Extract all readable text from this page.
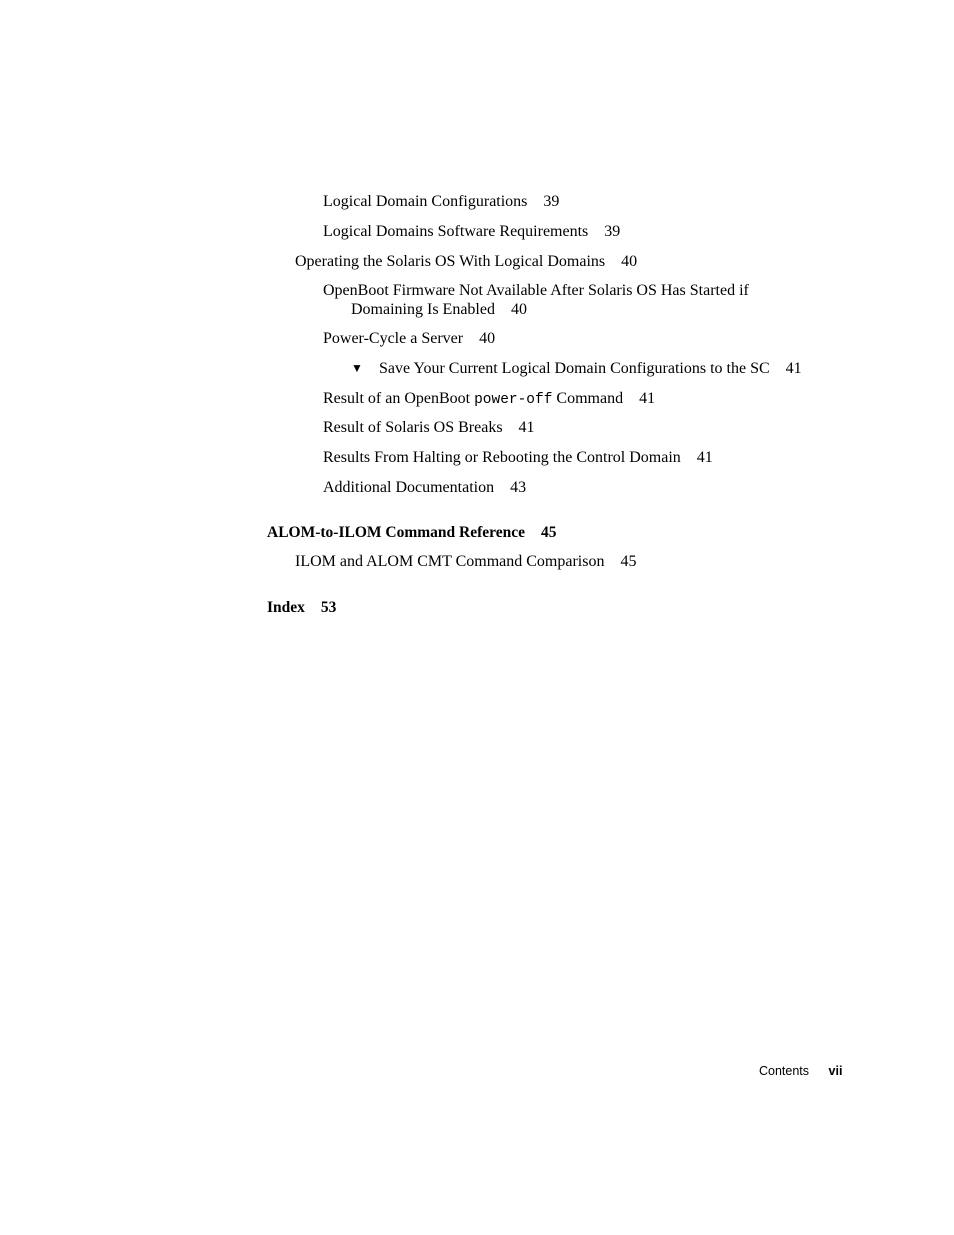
Logical Domain Configurations 39
Logical Domains Software Requirements 39
Operating the Solaris OS With Logical Domains 40
OpenBoot Firmware Not Available After Solaris OS Has Started if
Domaining Is Enabled 40
Power-Cycle a Server 40
▼ Save Your Current Logical Domain Configurations to the SC 41
Result of an OpenBoot power-off Command 41
Result of Solaris OS Breaks 41
Results From Halting or Rebooting the Control Domain 41
Additional Documentation 43
ALOM-to-ILOM Command Reference 45
ILOM and ALOM CMT Command Comparison 45
Index 53
Contents vii
